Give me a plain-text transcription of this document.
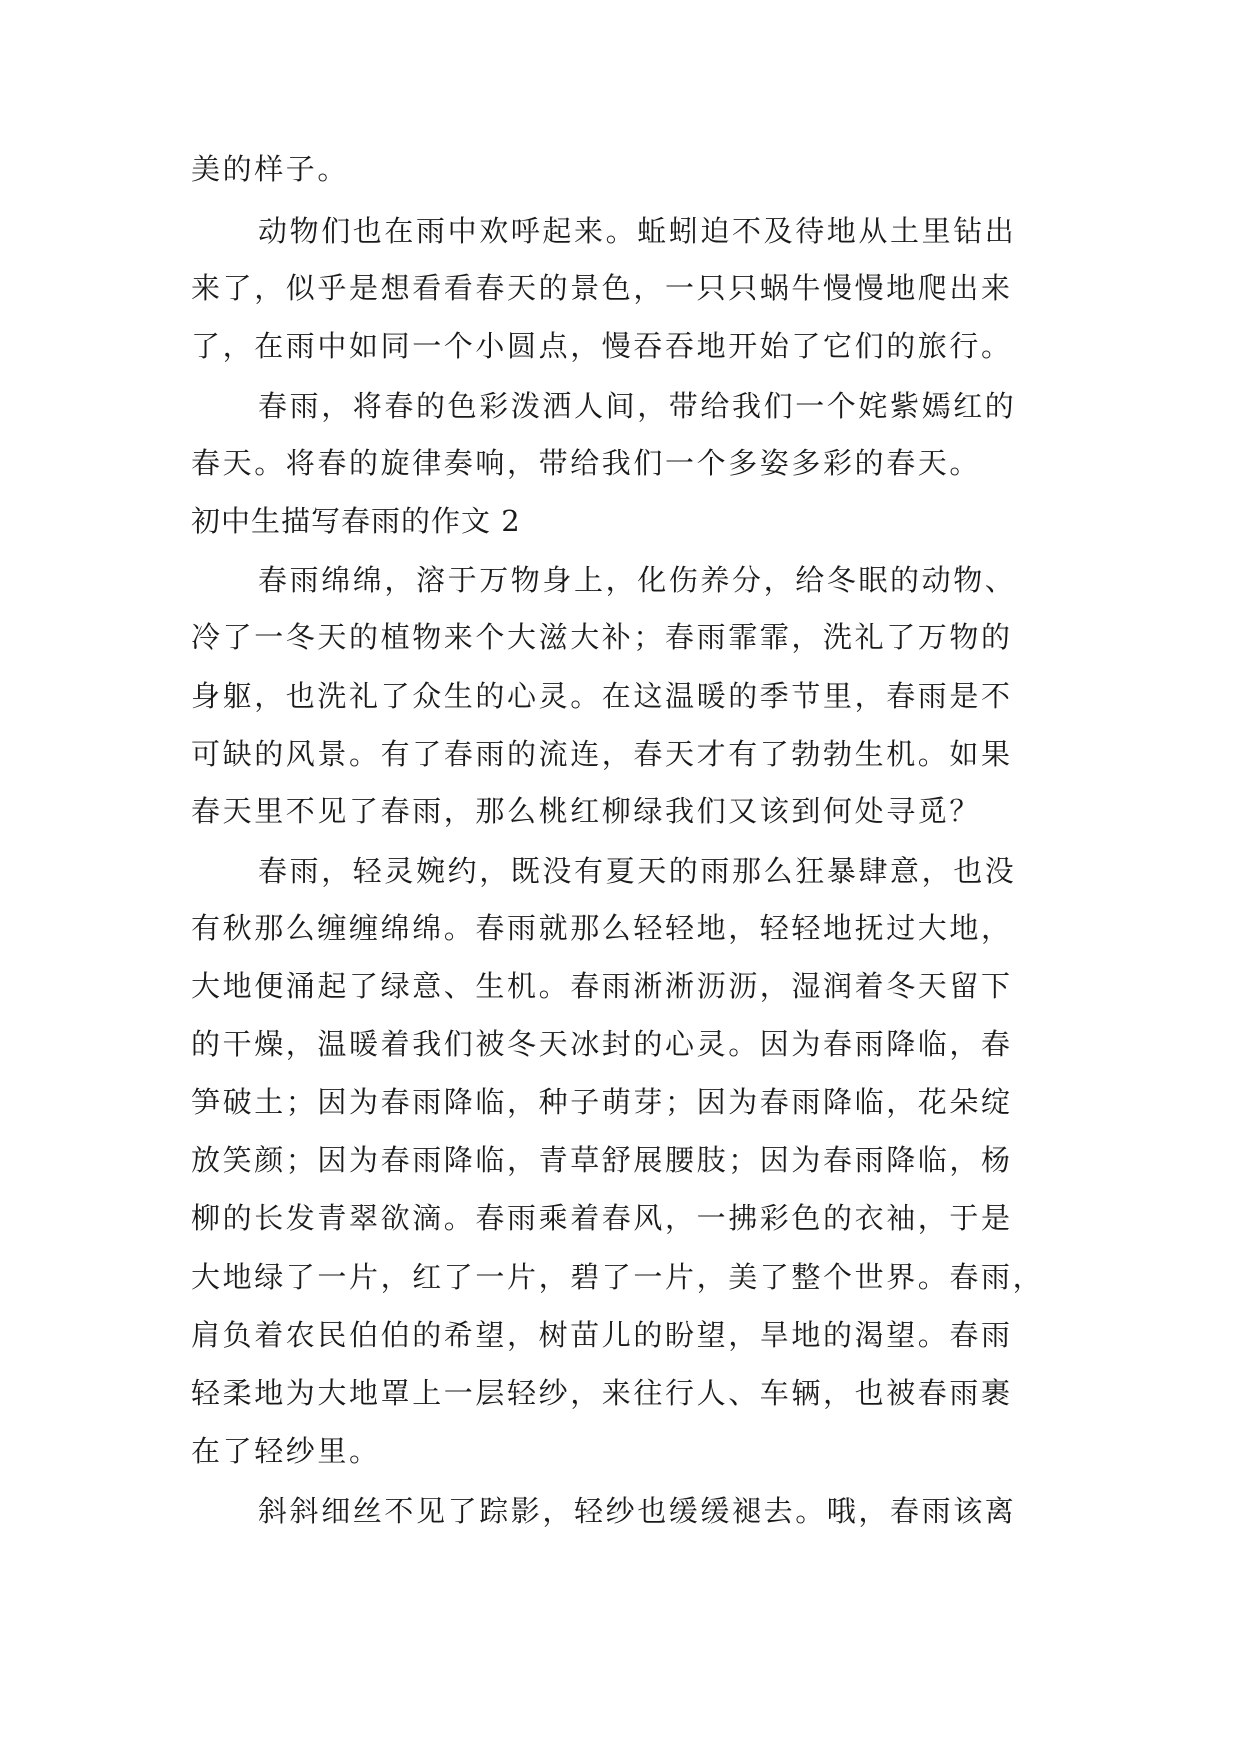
美的样子。
动物们也在雨中欢呼起来。蚯蚓迫不及待地从土里钻出
来了，似乎是想看看春天的景色，一只只蜗牛慢慢地爬出来
了，在雨中如同一个小圆点，慢吞吞地开始了它们的旅行。
春雨，将春的色彩泼洒人间，带给我们一个姹紫嫣红的
春天。将春的旋律奏响，带给我们一个多姿多彩的春天。
初中生描写春雨的作文 2
春雨绵绵，溶于万物身上，化伤养分，给冬眠的动物、
冷了一冬天的植物来个大滋大补；春雨霏霏，洗礼了万物的
身躯，也洗礼了众生的心灵。在这温暖的季节里，春雨是不
可缺的风景。有了春雨的流连，春天才有了勃勃生机。如果
春天里不见了春雨，那么桃红柳绿我们又该到何处寻觅？
春雨，轻灵婉约，既没有夏天的雨那么狂暴肆意，也没
有秋那么缠缠绵绵。春雨就那么轻轻地，轻轻地抚过大地，
大地便涌起了绿意、生机。春雨淅淅沥沥，湿润着冬天留下
的干燥，温暖着我们被冬天冰封的心灵。因为春雨降临，春
笋破土；因为春雨降临，种子萌芽；因为春雨降临，花朵绽
放笑颜；因为春雨降临，青草舒展腰肢；因为春雨降临，杨
柳的长发青翠欲滴。春雨乘着春风，一拂彩色的衣袖，于是
大地绿了一片，红了一片，碧了一片，美了整个世界。春雨，
肩负着农民伯伯的希望，树苗儿的盼望，旱地的渴望。春雨
轻柔地为大地罩上一层轻纱，来往行人、车辆，也被春雨裹
在了轻纱里。
斜斜细丝不见了踪影，轻纱也缓缓褪去。哦，春雨该离
